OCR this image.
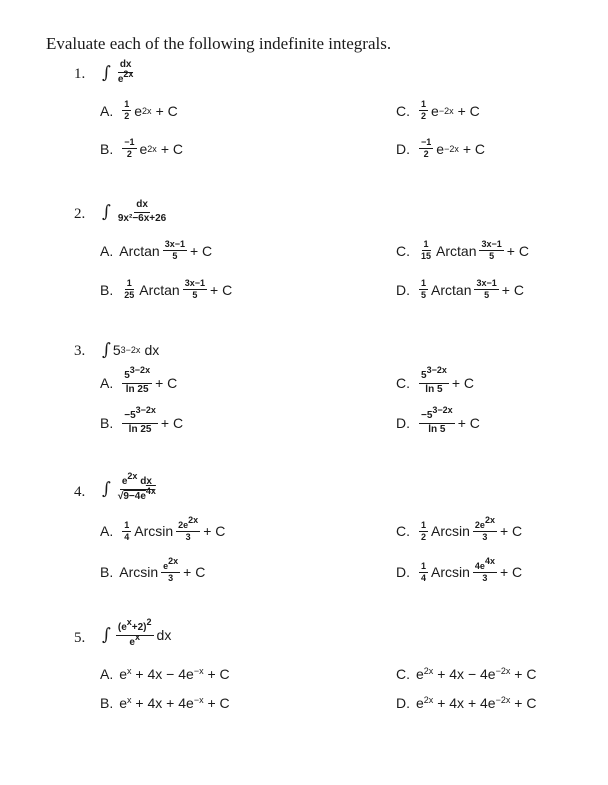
Evaluate each of the following indefinite integrals.
1. ∫ $\frac{dx}{e^{2x}}$
A. $\frac{1}{2}$ e 2x + C
B. $\frac{-1}{2}$ e 2x + C
C. $\frac{1}{2}$ e −2x + C
D. $\frac{-1}{2}$ e −2x + C
2. ∫ $\frac{dx}{\text{9x²−6x+26}}$
A. Arctan $\frac{3x-1}{5} + C$
B. $\frac{1}{25}$ Arctan $\frac{3x-1}{5} + C$
C. $\frac{1}{15}$ Arctan $\frac{3x-1}{5} + C$
D. $\frac{1}{5}$ Arctan $\frac{3x-1}{5} + C$
3. ∫ 5 3−2x dx
A. $\frac{5^{3-2x}}{\ln 25} + C$
B. $\frac{-5^{3-2x}}{\ln 25} + C$
C. $\frac{5^{3-2x}}{\ln 5} + C$
D. $\frac{-5^{3-2x}}{\ln 5} + C$
4. ∫ $\frac{e^{2x} dx}{√9-4e^{4x}}$
A. $\frac{1}{4}$ Arcsin $\frac{2e^{2x}}{3} + C$
B. Arcsin $\frac{e^{2x}}{3} + C$
C. $\frac{1}{2}$ Arcsin $\frac{2e^{2x}}{3} + C$
D. $\frac{1}{4}$ Arcsin $\frac{4e^{4x}}{3} + C$
5. ∫ $\frac{(e^x+2)^2}{e^x}$ dx
A. $e^x + 4x - 4e^{-x} + C$
B. $e^x + 4x + 4e^{-x} + C$
C. $e^{2x} + 4x - 4e^{-2x} + C$
D. $e^{2x} + 4x + 4e^{-2x} + C$
